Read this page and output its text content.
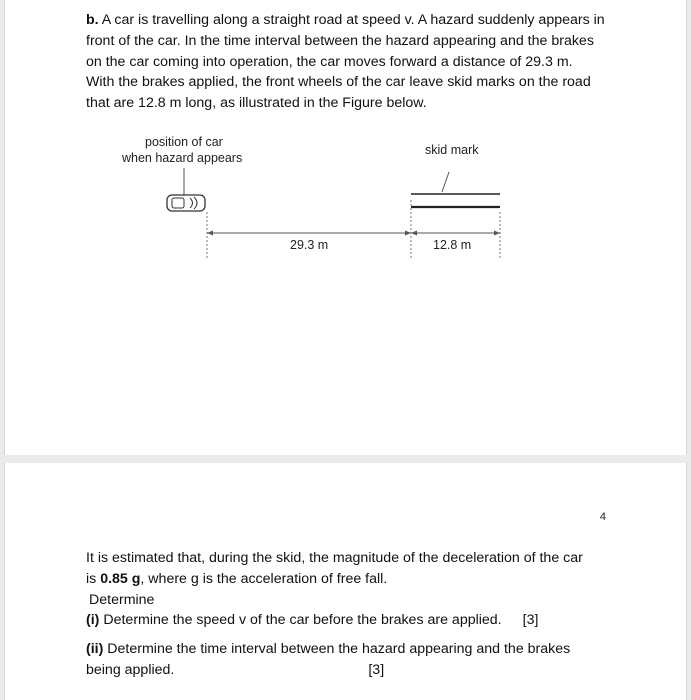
b. A car is travelling along a straight road at speed v. A hazard suddenly appears in
front of the car. In the time interval between the hazard appearing and the brakes
on the car coming into operation, the car moves forward a distance of 29.3 m.
With the brakes applied, the front wheels of the car leave skid marks on the road
that are 12.8 m long, as illustrated in the Figure below.

position of car
when hazard appears
skid mark
29.3 m	12.8 m
4

It is estimated that, during the skid, the magnitude of the deceleration of the car
is 0.85 g, where g is the acceleration of free fall.
Determine
(i) Determine the speed v of the car before the brakes are applied. [3]
(ii) Determine the time interval between the hazard appearing and the brakes
being applied.	[3]
